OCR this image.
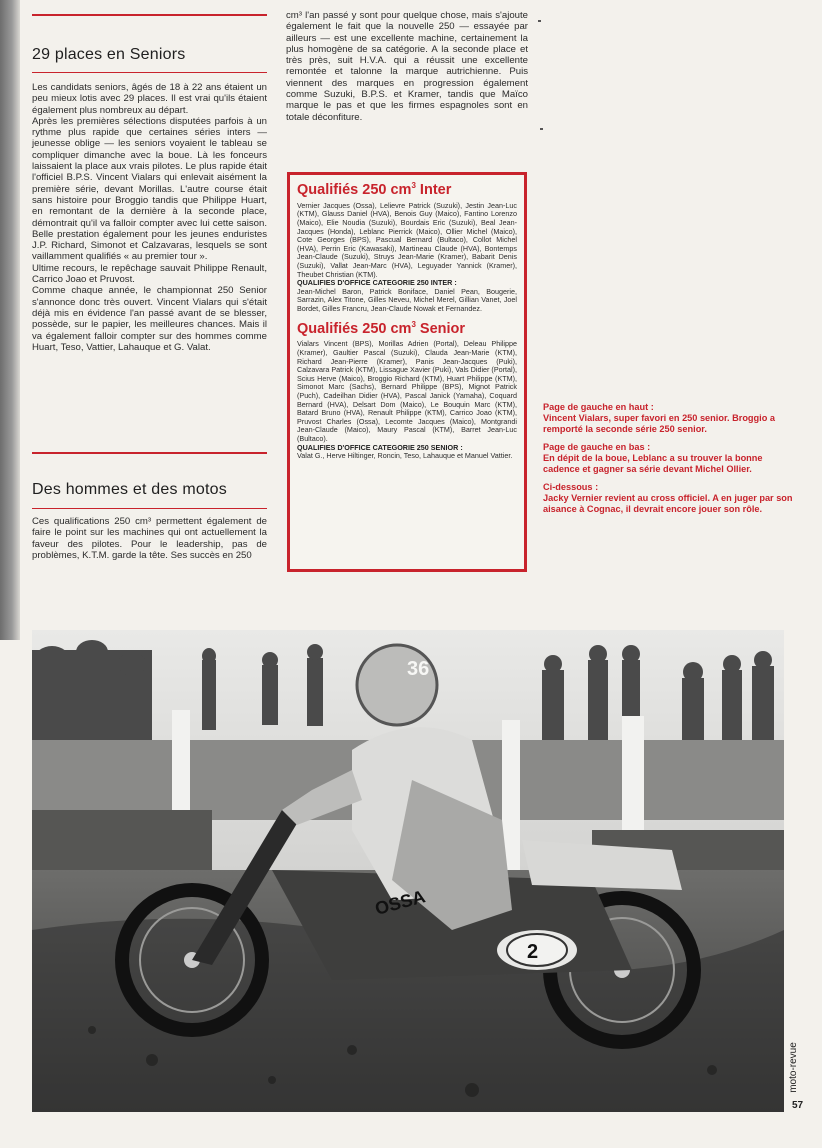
29 places en Seniors

Les candidats seniors, âgés de 18 à 22 ans étaient un peu mieux lotis avec 29 places. Il est vrai qu'ils étaient également plus nombreux au départ.

Après les premières sélections disputées parfois à un rythme plus rapide que certaines séries inters — jeunesse oblige — les seniors voyaient le tableau se compliquer dimanche avec la boue. Là les fonceurs laissaient la place aux vrais pilotes. Le plus rapide était l'officiel B.P.S. Vincent Vialars qui enlevait aisément la première série, devant Morillas. L'autre course était sans histoire pour Broggio tandis que Philippe Huart, en remontant de la dernière à la seconde place, démontrait qu'il va falloir compter avec lui cette saison. Belle prestation également pour les jeunes enduristes J.P. Richard, Simonot et Calzavaras, lesquels se sont vaillamment qualifiés « au premier tour ».

Ultime recours, le repêchage sauvait Philippe Renault, Carrico Joao et Pruvost.

Comme chaque année, le championnat 250 Senior s'annonce donc très ouvert. Vincent Vialars qui s'était déjà mis en évidence l'an passé avant de se blesser, possède, sur le papier, les meilleures chances. Mais il va également falloir compter sur des hommes comme Huart, Teso, Vattier, Lahauque et G. Valat.

Des hommes et des motos

Ces qualifications 250 cm³ permettent également de faire le point sur les machines qui ont actuellement la faveur des pilotes. Pour le leadership, pas de problèmes, K.T.M. garde la tête. Ses succès en 250

cm³ l'an passé y sont pour quelque chose, mais s'ajoute également le fait que la nouvelle 250 — essayée par ailleurs — est une excellente machine, certainement la plus homogène de sa catégorie. A la seconde place et très près, suit H.V.A. qui a réussit une excellente remontée et talonne la marque autrichienne. Puis viennent des marques en progression également comme Suzuki, B.P.S. et Kramer, tandis que Maïco marque le pas et que les firmes espagnoles sont en totale déconfiture.

Qualifiés 250 $cm^3$ Inter
Vernier Jacques (Ossa), Lelievre Patrick (Suzuki), Jestin Jean-Luc (KTM), Glauss Daniel (HVA), Benois Guy (Maico), Fantino Lorenzo (Maico), Elie Noudia (Suzuki), Bourdais Eric (Suzuki), Beal Jean-Jacques (Honda), Leblanc Pierrick (Maico), Ollier Michel (Maico), Cote Georges (BPS), Pascual Bernard (Bultaco), Collot Michel (HVA), Perrin Eric (Kawasaki), Martineau Claude (HVA), Bontemps Jean-Claude (Suzuki), Struys Jean-Marie (Kramer), Babarit Denis (Suzuki), Vallat Jean-Marc (HVA), Leguyader Yannick (Kramer), Theubet Christian (KTM).
QUALIFIES D'OFFICE CATEGORIE 250 INTER :
Jean-Michel Baron, Patrick Boniface, Daniel Pean, Bougerie, Sarrazin, Alex Titone, Gilles Neveu, Michel Merel, Gillian Vanet, Joel Bordet, Gilles Francru, Jean-Claude Nowak et Fernandez.
Qualifiés 250 $cm^3$ Senior
Vialars Vincent (BPS), Morillas Adrien (Portal), Deleau Philippe (Kramer), Gaultier Pascal (Suzuki), Clauda Jean-Marie (KTM), Richard Jean-Pierre (Kramer), Panis Jean-Jacques (Puki), Calzavara Patrick (KTM), Lissague Xavier (Puki), Vals Didier (Portal), Scius Herve (Maico), Broggio Richard (KTM), Huart Philippe (KTM), Simonot Marc (Sachs), Bernard Philippe (BPS), Mignot Patrick (Puch), Cadeilhan Didier (HVA), Pascal Janick (Yamaha), Coquard Bernard (HVA), Delsart Dom (Maico), Le Bouquin Marc (KTM), Batard Bruno (HVA), Renault Philippe (KTM), Carrico Joao (KTM), Pruvost Charles (Ossa), Lecomte Jacques (Maico), Montgrandi Jean-Claude (Maico), Maury Pascal (KTM), Barret Jean-Luc (Bultaco).
QUALIFIES D'OFFICE CATEGORIE 250 SENIOR :
Valat G., Herve Hiltinger, Roncin, Teso, Lahauque et Manuel Vattier.
Page de gauche en haut :
Vincent Vialars, super favori en 250 senior. Broggio a remporté la seconde série 250 senior.
Page de gauche en bas :
En dépit de la boue, Leblanc a su trouver la bonne cadence et gagner sa série devant Michel Ollier.
Ci-dessous :
Jacky Vernier revient au cross officiel. A en juger par son aisance à Cognac, il devrait encore jouer son rôle.
36
OSSA
2
moto-revue
57
